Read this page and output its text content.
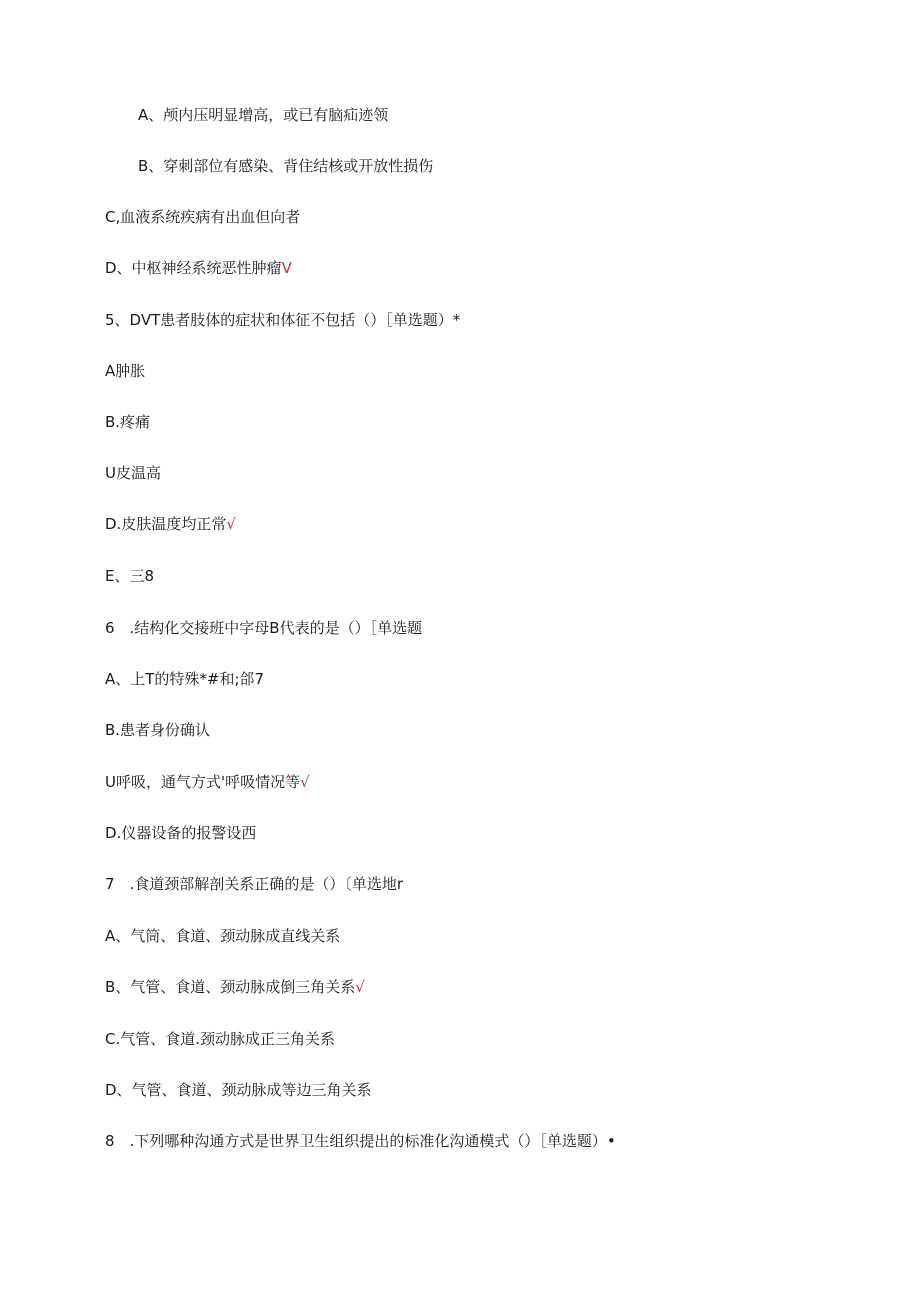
A、颅内压明显增高，或已有脑疝迹领
B、穿刺部位有感染、背住结核或开放性损伤
C,血液系统疾病有出血但向者
D、中枢神经系统恶性肿瘤V
5、DVT患者肢体的症状和体征不包括（）［单选题）*
A肿胀
B.疼痛
U皮温高
D.皮肤温度均正常√
E、三8
6 .结构化交接班中字母B代表的是（）［单选题
A、上T的特殊*#和;郃7
B.患者身份确认
U呼吸，通气方式'呼吸情况等√
D.仪器设备的报警设西
7 .食道颈部解剖关系正确的是（）〔单选地r
A、气筒、食道、颈动脉成直线关系
B、气管、食道、颈动脉成倒三角关系√
C.气管、食道.颈动脉成正三角关系
D、气管、食道、颈动脉成等边三角关系
8 .下列哪种沟通方式是世界卫生组织提出的标准化沟通模式（）［单选题）•
